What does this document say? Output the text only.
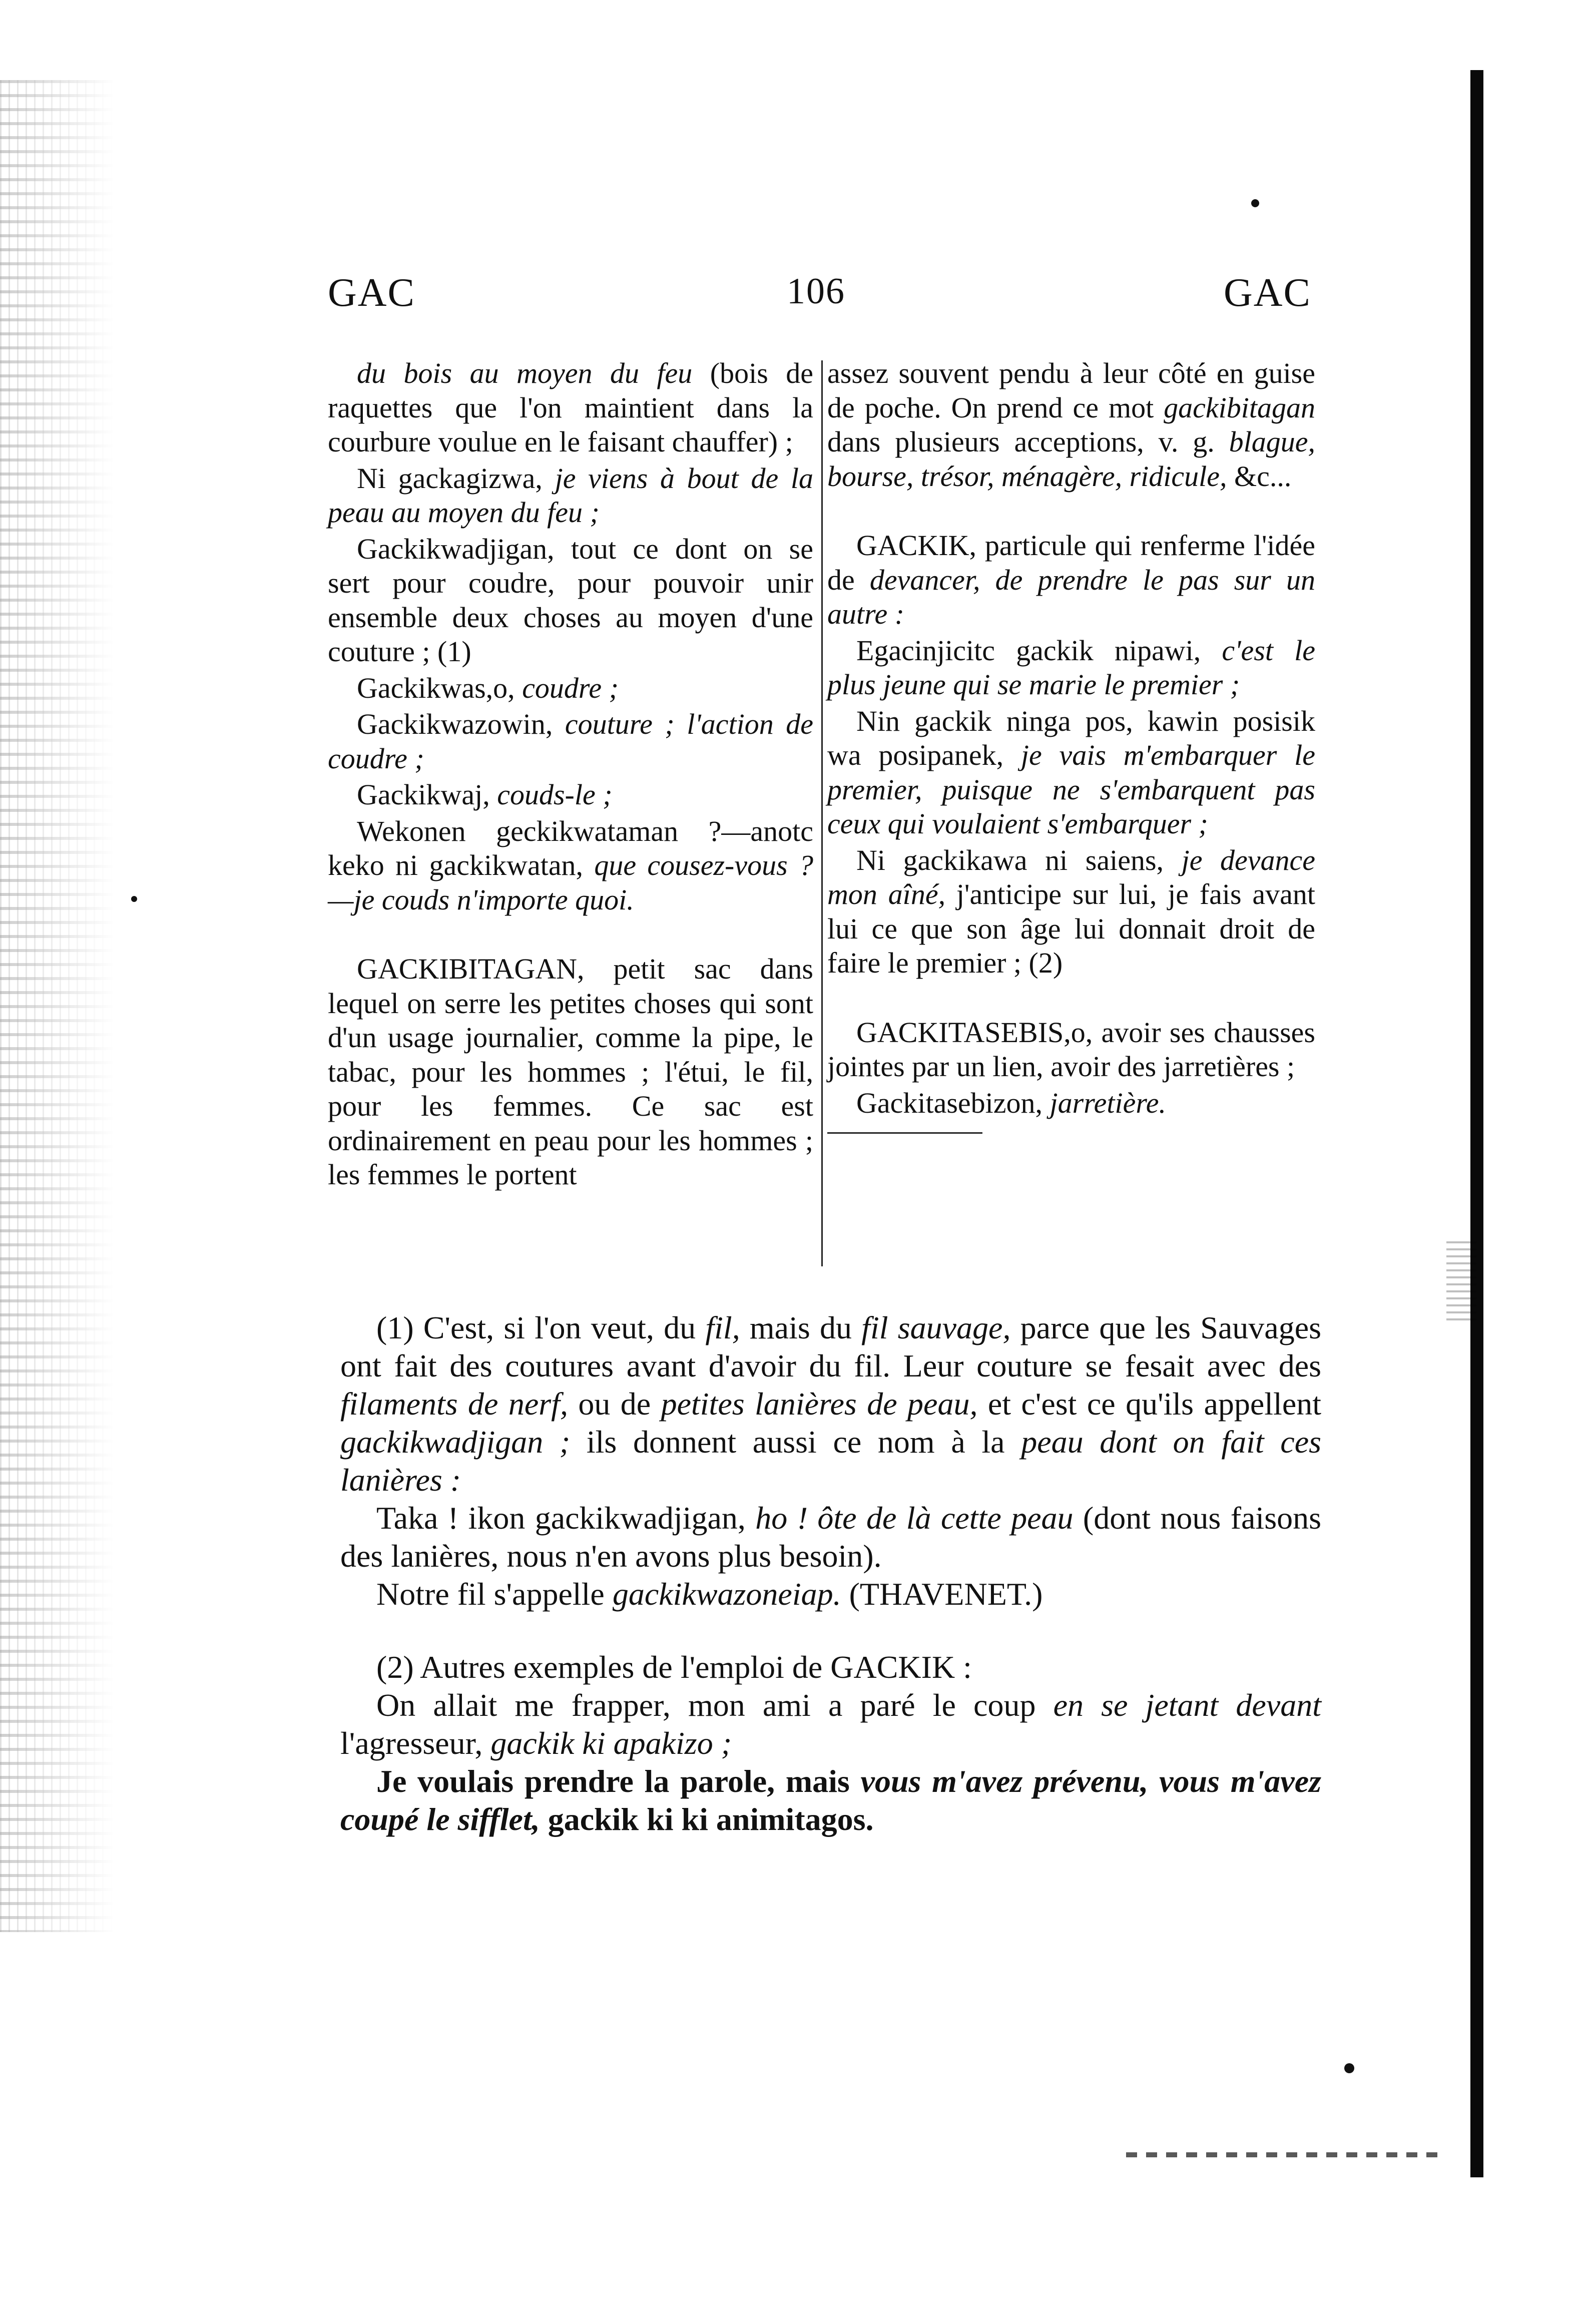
GAC	106	GAC

du bois au moyen du feu (bois de raquettes que l'on maintient dans la courbure voulue en le faisant chauffer) ;

Ni gackagizwa, je viens à bout de la peau au moyen du feu ;

Gackikwadjigan, tout ce dont on se sert pour coudre, pour pouvoir unir ensemble deux choses au moyen d'une couture ; (1)

Gackikwas,o, coudre ;

Gackikwazowin, couture ; l'action de coudre ;

Gackikwaj, couds-le ;

Wekonen geckikwataman ?—anotc keko ni gackikwatan, que cousez-vous ?—je couds n'importe quoi.

GACKIBITAGAN, petit sac dans lequel on serre les petites choses qui sont d'un usage journalier, comme la pipe, le tabac, pour les hommes ; l'étui, le fil, pour les femmes. Ce sac est ordinairement en peau pour les hommes ; les femmes le portent

assez souvent pendu à leur côté en guise de poche. On prend ce mot gackibitagan dans plusieurs acceptions, v. g. blague, bourse, trésor, ménagère, ridicule, &c...

GACKIK, particule qui renferme l'idée de devancer, de prendre le pas sur un autre :

Egacinjicitc gackik nipawi, c'est le plus jeune qui se marie le premier ;

Nin gackik ninga pos, kawin posisik wa posipanek, je vais m'embarquer le premier, puisque ne s'embarquent pas ceux qui voulaient s'embarquer ;

Ni gackikawa ni saiens, je devance mon aîné, j'anticipe sur lui, je fais avant lui ce que son âge lui donnait droit de faire le premier ; (2)

GACKITASEBIS,o, avoir ses chausses jointes par un lien, avoir des jarretières ;

Gackitasebizon, jarretière.

(1) C'est, si l'on veut, du fil, mais du fil sauvage, parce que les Sauvages ont fait des coutures avant d'avoir du fil. Leur couture se fesait avec des filaments de nerf, ou de petites lanières de peau, et c'est ce qu'ils appellent gackikwadjigan ; ils donnent aussi ce nom à la peau dont on fait ces lanières :

Taka ! ikon gackikwadjigan, ho ! ôte de là cette peau (dont nous faisons des lanières, nous n'en avons plus besoin).

Notre fil s'appelle gackikwazoneiap. (THAVENET.)

(2) Autres exemples de l'emploi de GACKIK :

On allait me frapper, mon ami a paré le coup en se jetant devant l'agresseur, gackik ki apakizo ;

Je voulais prendre la parole, mais vous m'avez prévenu, vous m'avez coupé le sifflet, gackik ki ki animitagos.
